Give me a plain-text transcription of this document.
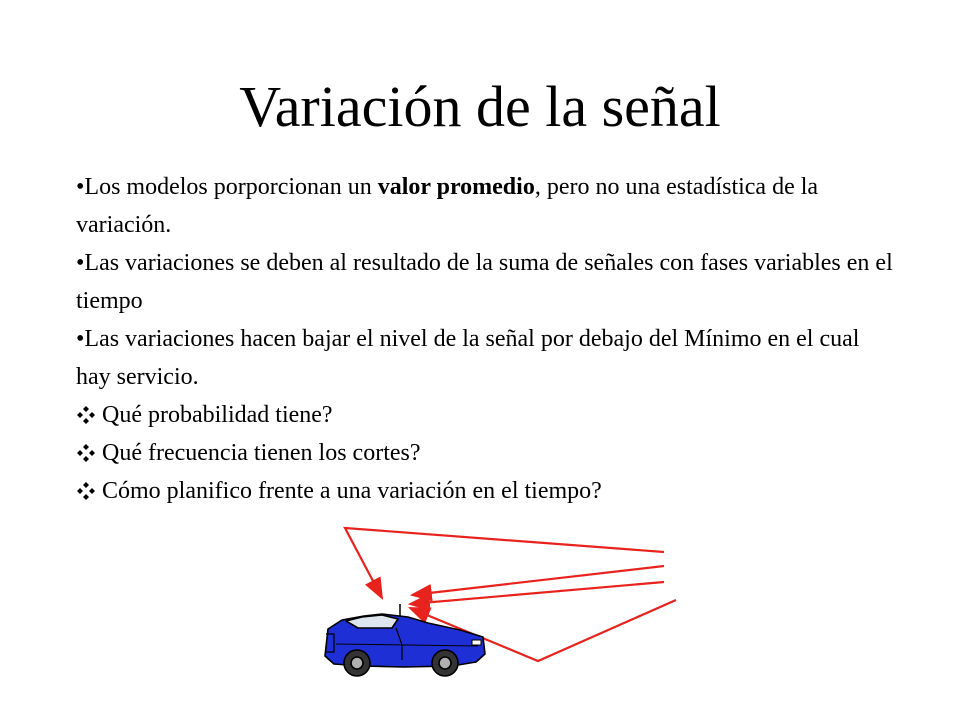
Variación de la señal

•Los modelos porporcionan un valor promedio, pero no una estadística de la variación.

•Las variaciones se deben al resultado de la suma de señales con fases variables en el tiempo

•Las variaciones hacen bajar el nivel de la señal por debajo del Mínimo en el cual hay servicio.

Qué probabilidad tiene?

Qué frecuencia tienen los cortes?

Cómo planifico frente a una variación en el tiempo?
